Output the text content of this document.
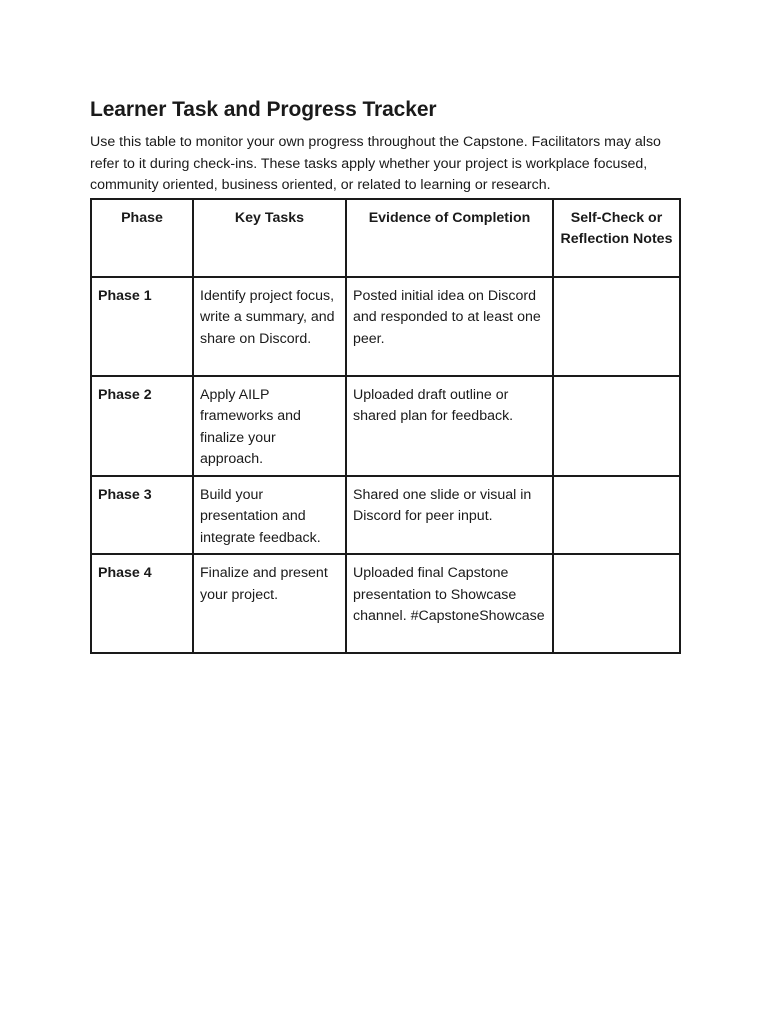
Learner Task and Progress Tracker

Use this table to monitor your own progress throughout the Capstone. Facilitators may also refer to it during check-ins. These tasks apply whether your project is workplace focused, community oriented, business oriented, or related to learning or research.

Phase	Key Tasks	Evidence of Completion	Self-Check or Reflection Notes
Phase 1	Identify project focus, write a summary, and share on Discord.	Posted initial idea on Discord and responded to at least one peer.	
Phase 2	Apply AILP frameworks and finalize your approach.	Uploaded draft outline or shared plan for feedback.	
Phase 3	Build your presentation and integrate feedback.	Shared one slide or visual in Discord for peer input.	
Phase 4	Finalize and present your project.	Uploaded final Capstone presentation to Showcase channel. #CapstoneShowcase	
